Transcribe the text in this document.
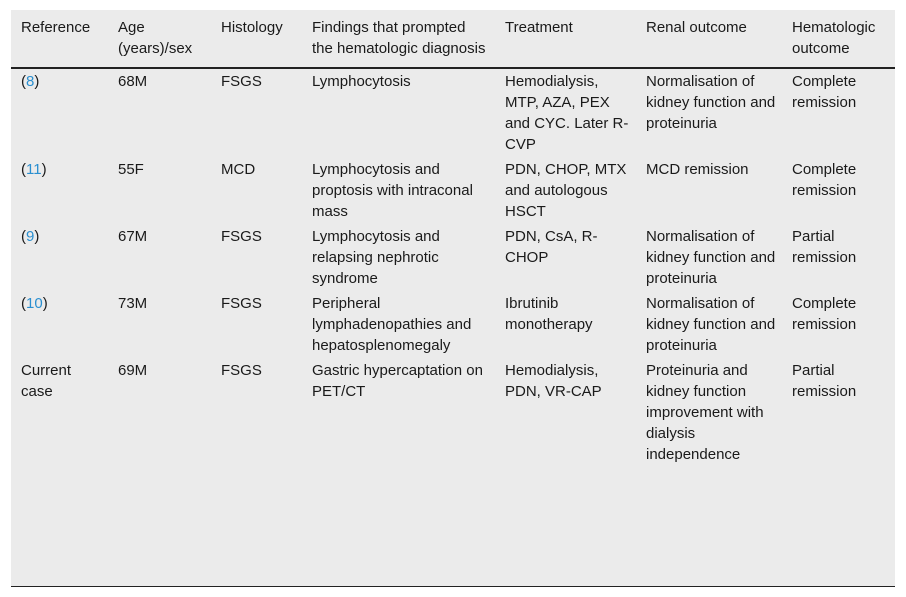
Reference	Age (years)/sex	Histology	Findings that prompted the hematologic diagnosis	Treatment	Renal outcome	Hematologic outcome
(8)	68M	FSGS	Lymphocytosis	Hemodialysis, MTP, AZA, PEX and CYC. Later R-CVP	Normalisation of kidney function and proteinuria	Complete remission
(11)	55F	MCD	Lymphocytosis and proptosis with intraconal mass	PDN, CHOP, MTX and autologous HSCT	MCD remission	Complete remission
(9)	67M	FSGS	Lymphocytosis and relapsing nephrotic syndrome	PDN, CsA, R-CHOP	Normalisation of kidney function and proteinuria	Partial remission
(10)	73M	FSGS	Peripheral lymphadenopathies and hepatosplenomegaly	Ibrutinib monotherapy	Normalisation of kidney function and proteinuria	Complete remission
Current case	69M	FSGS	Gastric hypercaptation on PET/CT	Hemodialysis, PDN, VR-CAP	Proteinuria and kidney function improvement with dialysis independence	Partial remission
